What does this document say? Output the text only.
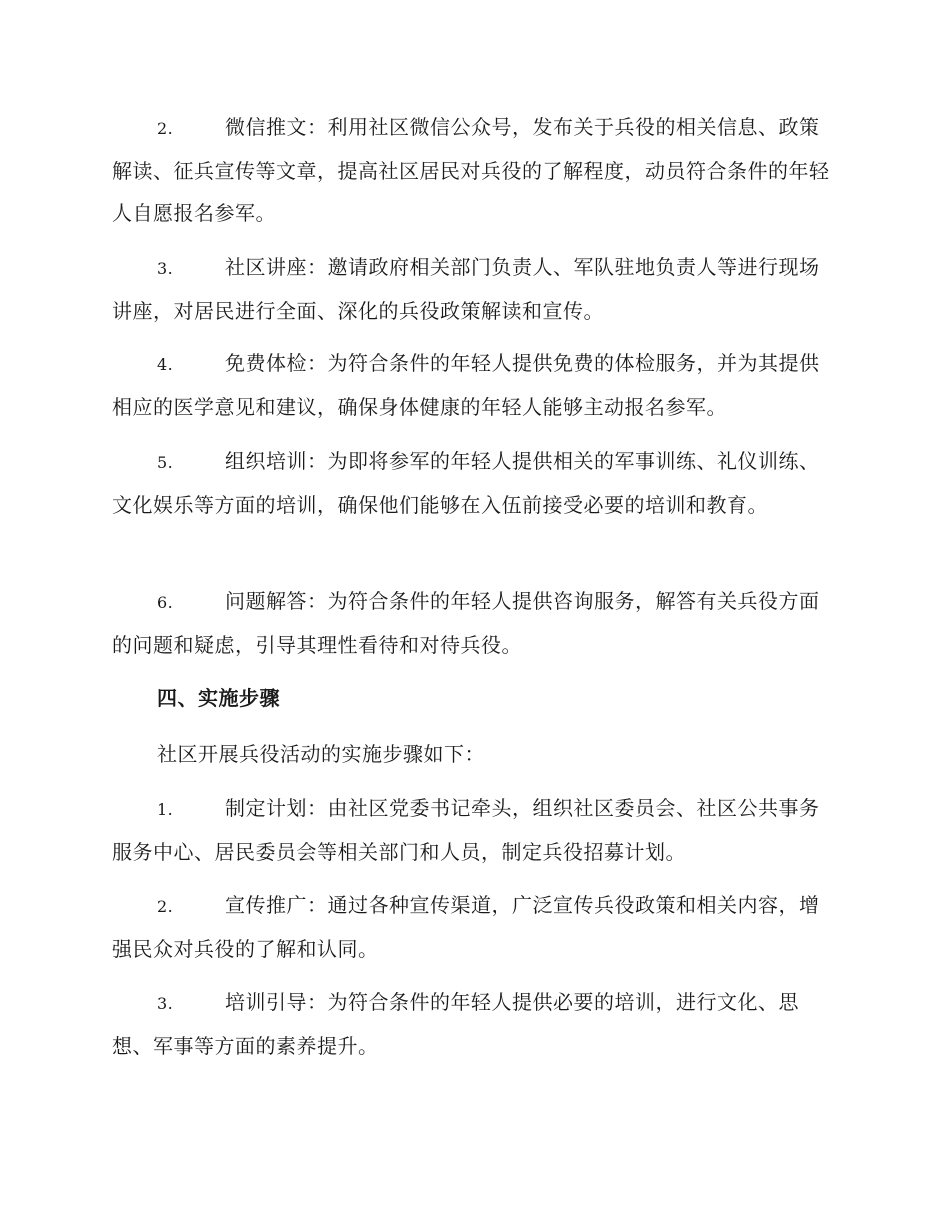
2.	微信推文：利用社区微信公众号，发布关于兵役的相关信息、政策解读、征兵宣传等文章，提高社区居民对兵役的了解程度，动员符合条件的年轻人自愿报名参军。

3.	社区讲座：邀请政府相关部门负责人、军队驻地负责人等进行现场讲座，对居民进行全面、深化的兵役政策解读和宣传。

4.	免费体检：为符合条件的年轻人提供免费的体检服务，并为其提供相应的医学意见和建议，确保身体健康的年轻人能够主动报名参军。

5.	组织培训：为即将参军的年轻人提供相关的军事训练、礼仪训练、文化娱乐等方面的培训，确保他们能够在入伍前接受必要的培训和教育。

6.	问题解答：为符合条件的年轻人提供咨询服务，解答有关兵役方面的问题和疑虑，引导其理性看待和对待兵役。

四、实施步骤

社区开展兵役活动的实施步骤如下：

1.	制定计划：由社区党委书记牵头，组织社区委员会、社区公共事务服务中心、居民委员会等相关部门和人员，制定兵役招募计划。

2.	宣传推广：通过各种宣传渠道，广泛宣传兵役政策和相关内容，增强民众对兵役的了解和认同。

3.	培训引导：为符合条件的年轻人提供必要的培训，进行文化、思想、军事等方面的素养提升。
